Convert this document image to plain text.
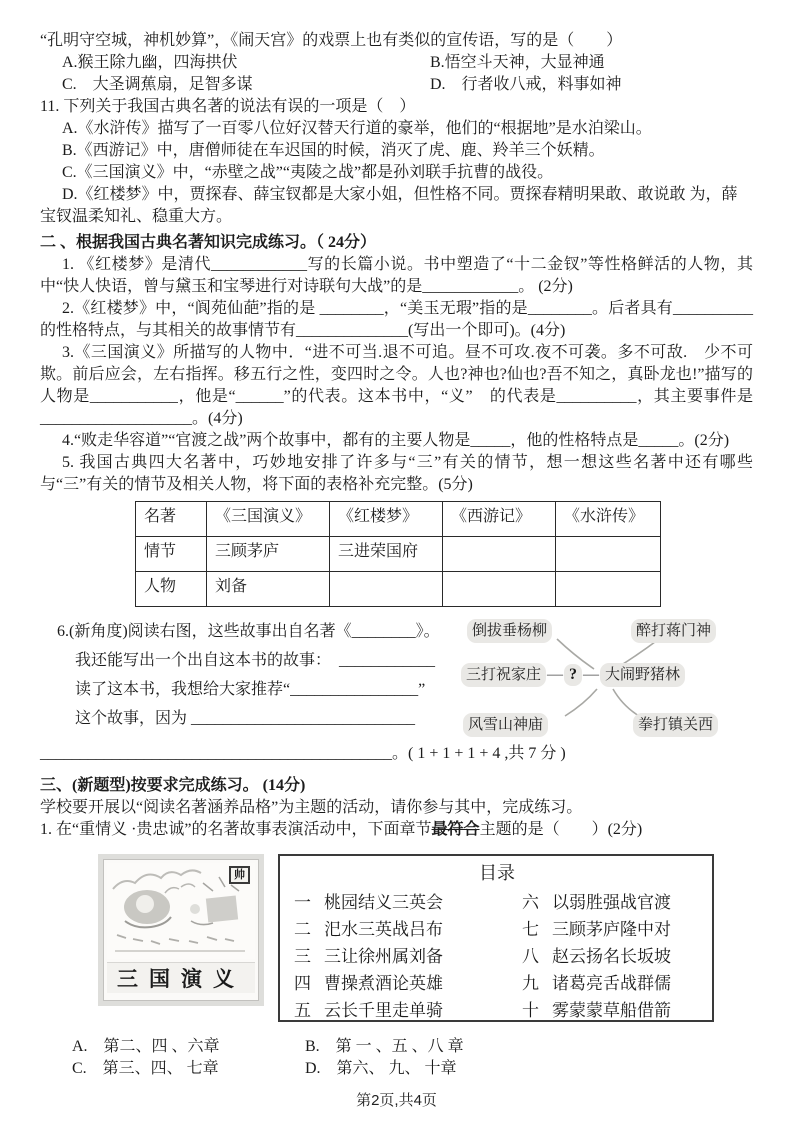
“孔明守空城，神机妙算”，《闹天宫》的戏票上也有类似的宣传语，写的是（　　）

A.猴王除九幽，四海拱伏	B.悟空斗天神，大显神通
C.　大圣调蕉扇，足智多谋	D.　行者收八戒，料事如神

11. 下列关于我国古典名著的说法有误的一项是（　）

A.《水浒传》描写了一百零八位好汉替天行道的豪举，他们的“根据地”是水泊梁山。

B.《西游记》中，唐僧师徒在车迟国的时候，消灭了虎、鹿、羚羊三个妖精。

C.《三国演义》中，“赤壁之战”“夷陵之战”都是孙刘联手抗曹的战役。

D.《红楼梦》中，贾探春、薛宝钗都是大家小姐，但性格不同。贾探春精明果敢、敢说敢 为，薛宝钗温柔知礼、稳重大方。

二 、根据我国古典名著知识完成练习。（ 24分）

1. 《红楼梦》是清代____________写的长篇小说。书中塑造了“十二金钗”等性格鲜活的人物，其中“快人快语，曾与黛玉和宝琴进行对诗联句大战”的是____________。 (2分)

2.《红楼梦》中，“阆苑仙葩”指的是 ________，“美玉无瑕”指的是________。后者具有__________的性格特点，与其相关的故事情节有______________(写出一个即可)。(4分)

3.《三国演义》所描写的人物中．“进不可当.退不可追。昼不可攻.夜不可袭。多不可敌.　少不可欺。前后应会，左右指挥。移五行之性，变四时之令。人也?神也?仙也?吾不知之，真卧龙也!”描写的人物是___________，他是“______”的代表。这本书中，“义”　的代表是__________，其主要事件是___________________。(4分)

4.“败走华容道”“官渡之战”两个故事中，都有的主要人物是_____，他的性格特点是_____。(2分)

5. 我国古典四大名著中，巧妙地安排了许多与“三”有关的情节，想一想这些名著中还有哪些与“三”有关的情节及相关人物，将下面的表格补充完整。(5分)

名著	《三国演义》	《红楼梦》	《西游记》	《水浒传》
情节	三顾茅庐	三进荣国府		
人物	刘备			

6.(新角度)阅读右图，这些故事出自名著《________》。

我还能写出一个出自这本书的故事：　____________

读了这本书，我想给大家推荐“________________”

这个故事，因为 ____________________________

倒拔垂杨柳	醉打蒋门神
三打祝家庄 — ? — 大闹野猪林
风雪山神庙	拳打镇关西

____________________________________________。( 1 + 1 + 1 + 4 ,共 7 分 )

三、(新题型)按要求完成练习。 (14分)

学校要开展以“阅读名著涵养品格”为主题的活动，请你参与其中，完成练习。

1. 在“重情义 ·贵忠诚”的名著故事表演活动中，下面章节最符合主题的是（　　）(2分)

帅
三国演义
目录
一 桃园结义三英会	六 以弱胜强战官渡
二 汜水三英战吕布	七 三顾茅庐隆中对
三 三让徐州属刘备	八 赵云扬名长坂坡
四 曹操煮酒论英雄	九 诸葛亮舌战群儒
五 云长千里走单骑	十 雾蒙蒙草船借箭
A.　第二、四 、六章	B.　第 一 、五 、八 章
C.　第三、四、 七章	D.　第六、 九、 十章
第2页,共4页
